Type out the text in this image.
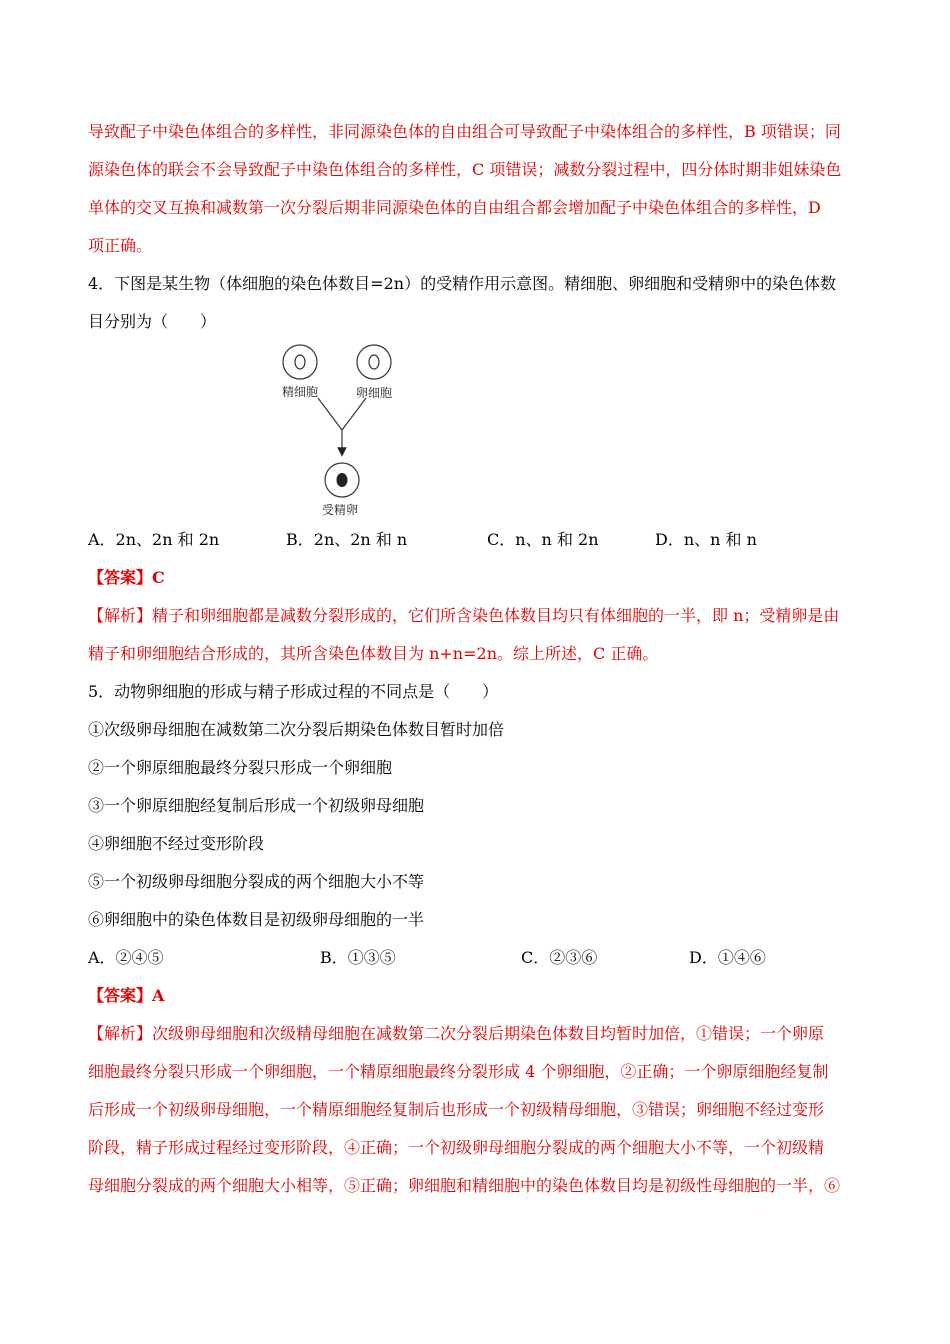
导致配子中染色体组合的多样性，非同源染色体的自由组合可导致配子中染体组合的多样性，B 项错误；同
源染色体的联会不会导致配子中染色体组合的多样性，C 项错误；减数分裂过程中，四分体时期非姐妹染色
单体的交叉互换和减数第一次分裂后期非同源染色体的自由组合都会增加配子中染色体组合的多样性，D
项正确。
4．下图是某生物（体细胞的染色体数目=2n）的受精作用示意图。精细胞、卵细胞和受精卵中的染色体数
目分别为（　　）
精细胞	卵细胞
受精卵
A．2n、2n 和 2n	B．2n、2n 和 n	C．n、n 和 2n	D．n、n 和 n
【答案】C
【解析】精子和卵细胞都是减数分裂形成的，它们所含染色体数目均只有体细胞的一半，即 n；受精卵是由
精子和卵细胞结合形成的，其所含染色体数目为 n+n=2n。综上所述，C 正确。
5．动物卵细胞的形成与精子形成过程的不同点是（　　）
①次级卵母细胞在减数第二次分裂后期染色体数目暂时加倍
②一个卵原细胞最终分裂只形成一个卵细胞
③一个卵原细胞经复制后形成一个初级卵母细胞
④卵细胞不经过变形阶段
⑤一个初级卵母细胞分裂成的两个细胞大小不等
⑥卵细胞中的染色体数目是初级卵母细胞的一半
A．②④⑤	B．①③⑤	C．②③⑥	D．①④⑥
【答案】A
【解析】次级卵母细胞和次级精母细胞在减数第二次分裂后期染色体数目均暂时加倍，①错误；一个卵原
细胞最终分裂只形成一个卵细胞，一个精原细胞最终分裂形成 4 个卵细胞，②正确；一个卵原细胞经复制
后形成一个初级卵母细胞，一个精原细胞经复制后也形成一个初级精母细胞，③错误；卵细胞不经过变形
阶段，精子形成过程经过变形阶段，④正确；一个初级卵母细胞分裂成的两个细胞大小不等，一个初级精
母细胞分裂成的两个细胞大小相等，⑤正确；卵细胞和精细胞中的染色体数目均是初级性母细胞的一半，⑥
